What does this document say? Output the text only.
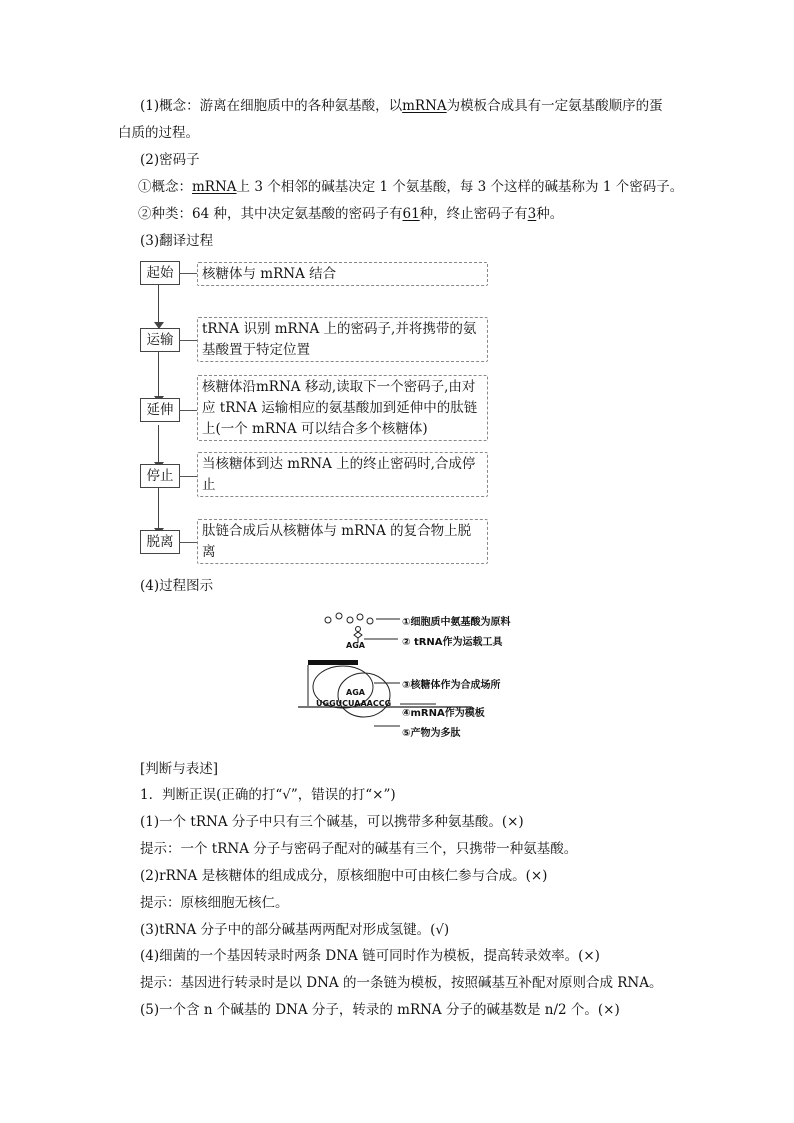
(1)概念：游离在细胞质中的各种氨基酸，以mRNA为模板合成具有一定氨基酸顺序的蛋
白质的过程。
(2)密码子
①概念：mRNA上 3 个相邻的碱基决定 1 个氨基酸，每 3 个这样的碱基称为 1 个密码子。
②种类：64 种，其中决定氨基酸的密码子有61种，终止密码子有3种。
(3)翻译过程
起始	核糖体与 mRNA 结合
运输
tRNA 识别 mRNA 上的密码子,并将携带的氨基酸置于特定位置
延伸
核糖体沿mRNA 移动,读取下一个密码子,由对应 tRNA 运输相应的氨基酸加到延伸中的肽链上(一个 mRNA 可以结合多个核糖体)
停止
当核糖体到达 mRNA 上的终止密码时,合成停止
脱离
肽链合成后从核糖体与 mRNA 的复合物上脱离
(4)过程图示
AGA
AGA
UGGUCUAAACCG
①细胞质中氨基酸为原料
② tRNA作为运载工具
③核糖体作为合成场所
④mRNA作为模板
⑤产物为多肽
[判断与表述]
1．判断正误(正确的打“√”，错误的打“×”)
(1)一个 tRNA 分子中只有三个碱基，可以携带多种氨基酸。(×)
提示：一个 tRNA 分子与密码子配对的碱基有三个，只携带一种氨基酸。
(2)rRNA 是核糖体的组成成分，原核细胞中可由核仁参与合成。(×)
提示：原核细胞无核仁。
(3)tRNA 分子中的部分碱基两两配对形成氢键。(√)
(4)细菌的一个基因转录时两条 DNA 链可同时作为模板，提高转录效率。(×)
提示：基因进行转录时是以 DNA 的一条链为模板，按照碱基互补配对原则合成 RNA。
(5)一个含 n 个碱基的 DNA 分子，转录的 mRNA 分子的碱基数是 n/2 个。(×)
